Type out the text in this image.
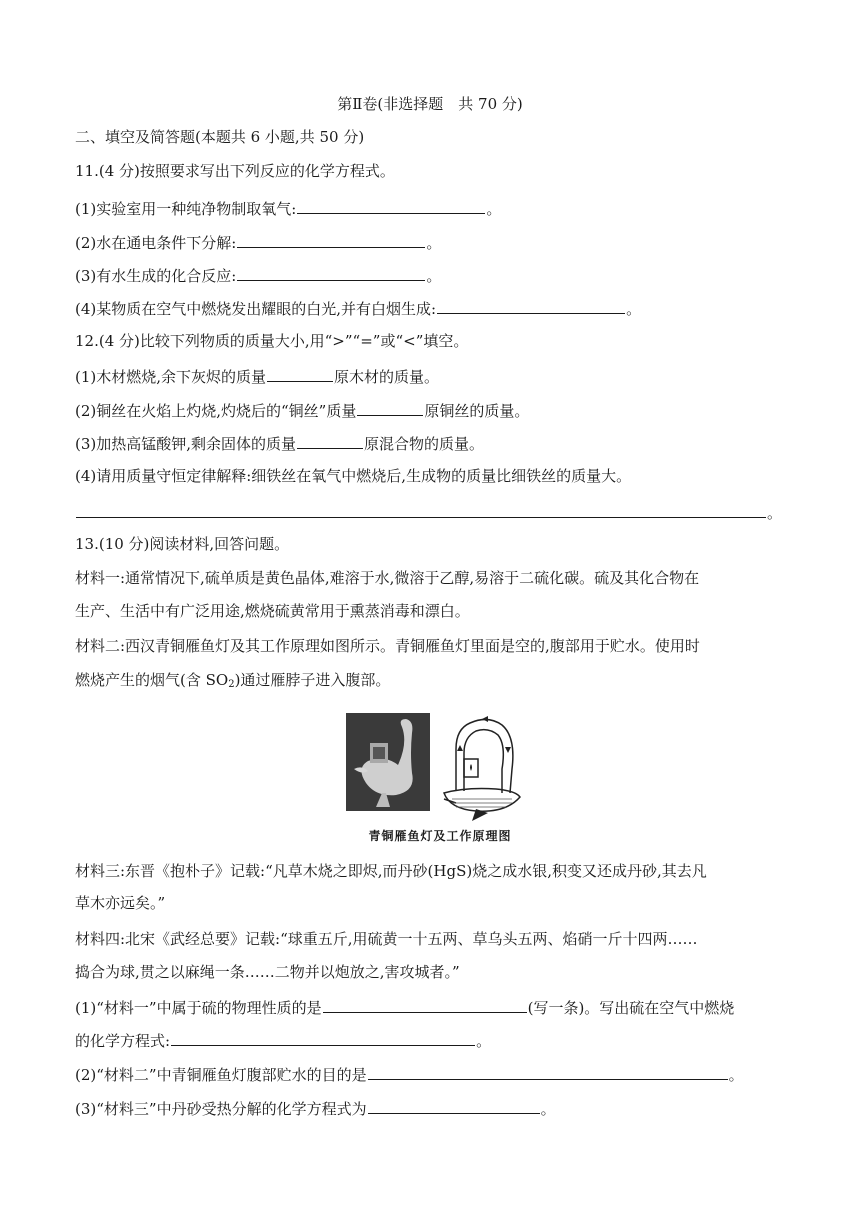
第Ⅱ卷(非选择题　共 70 分)
二、填空及简答题(本题共 6 小题,共 50 分)
11.(4 分)按照要求写出下列反应的化学方程式。
(1)实验室用一种纯净物制取氧气:	。
(2)水在通电条件下分解:	。
(3)有水生成的化合反应:	。
(4)某物质在空气中燃烧发出耀眼的白光,并有白烟生成:	。
12.(4 分)比较下列物质的质量大小,用“>”“=”或“<”填空。
(1)木材燃烧,余下灰烬的质量	原木材的质量。
(2)铜丝在火焰上灼烧,灼烧后的“铜丝”质量	原铜丝的质量。
(3)加热高锰酸钾,剩余固体的质量	原混合物的质量。
(4)请用质量守恒定律解释:细铁丝在氧气中燃烧后,生成物的质量比细铁丝的质量大。
。
13.(10 分)阅读材料,回答问题。
材料一:通常情况下,硫单质是黄色晶体,难溶于水,微溶于乙醇,易溶于二硫化碳。硫及其化合物在
生产、生活中有广泛用途,燃烧硫黄常用于熏蒸消毒和漂白。
材料二:西汉青铜雁鱼灯及其工作原理如图所示。青铜雁鱼灯里面是空的,腹部用于贮水。使用时
燃烧产生的烟气(含 $SO_2$)通过雁脖子进入腹部。
青铜雁鱼灯及工作原理图
材料三:东晋《抱朴子》记载:“凡草木烧之即烬,而丹砂(HgS)烧之成水银,积变又还成丹砂,其去凡
草木亦远矣。”
材料四:北宋《武经总要》记载:“球重五斤,用硫黄一十五两、草乌头五两、焰硝一斤十四两……
捣合为球,贯之以麻绳一条……二物并以炮放之,害攻城者。”
(1)“材料一”中属于硫的物理性质的是	(写一条)。写出硫在空气中燃烧
的化学方程式:	。
(2)“材料二”中青铜雁鱼灯腹部贮水的目的是	。
(3)“材料三”中丹砂受热分解的化学方程式为	。
